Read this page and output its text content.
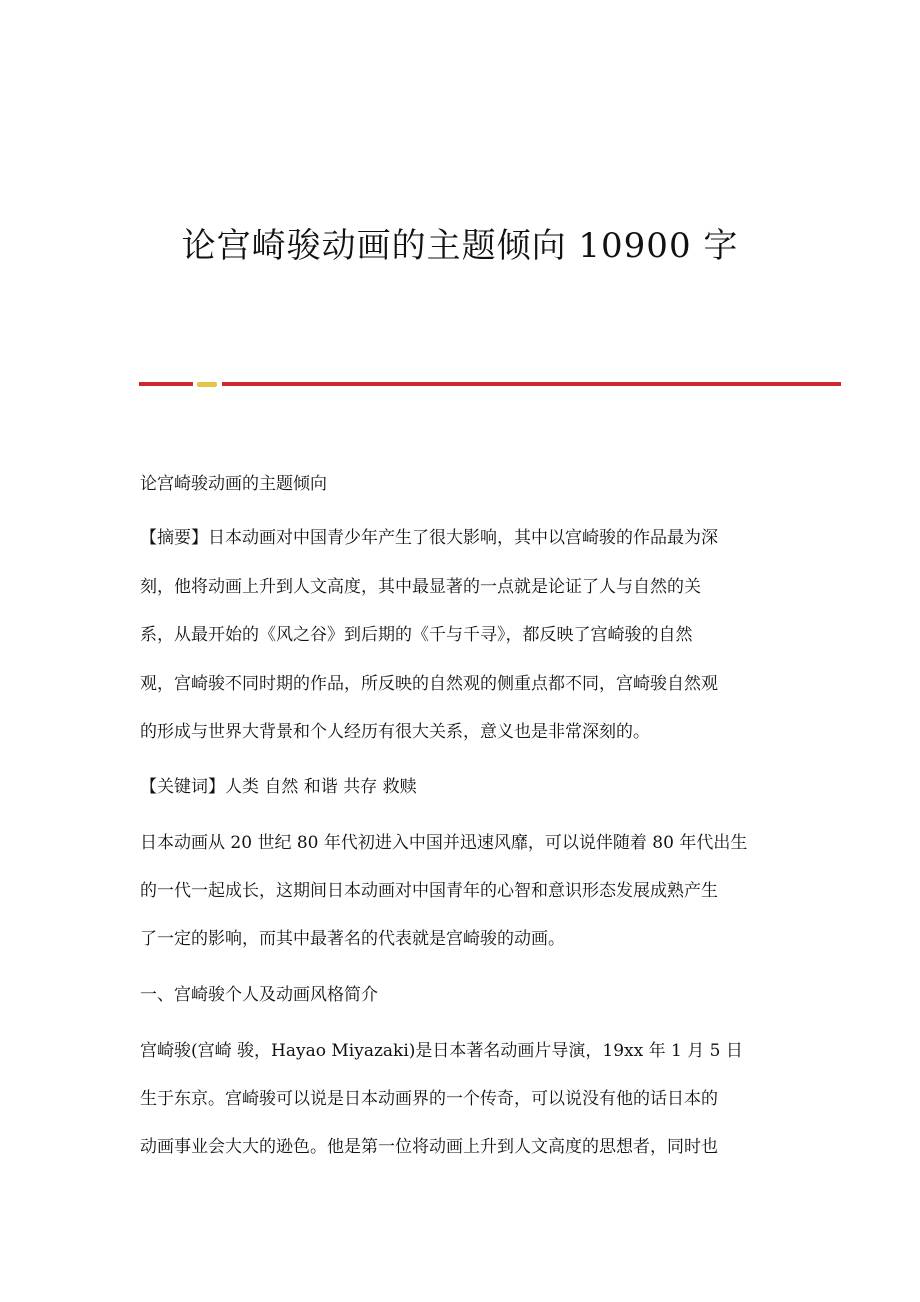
论宫崎骏动画的主题倾向 10900 字
论宫崎骏动画的主题倾向
【摘要】日本动画对中国青少年产生了很大影响，其中以宫崎骏的作品最为深
刻，他将动画上升到人文高度，其中最显著的一点就是论证了人与自然的关
系，从最开始的《风之谷》到后期的《千与千寻》，都反映了宫崎骏的自然
观，宫崎骏不同时期的作品，所反映的自然观的侧重点都不同，宫崎骏自然观
的形成与世界大背景和个人经历有很大关系，意义也是非常深刻的。
【关键词】人类 自然 和谐 共存 救赎
日本动画从 20 世纪 80 年代初进入中国并迅速风靡，可以说伴随着 80 年代出生
的一代一起成长，这期间日本动画对中国青年的心智和意识形态发展成熟产生
了一定的影响，而其中最著名的代表就是宫崎骏的动画。
一、宫崎骏个人及动画风格简介
宫崎骏(宫崎 骏，Hayao Miyazaki)是日本著名动画片导演，19xx 年 1 月 5 日
生于东京。宫崎骏可以说是日本动画界的一个传奇，可以说没有他的话日本的
动画事业会大大的逊色。他是第一位将动画上升到人文高度的思想者，同时也
